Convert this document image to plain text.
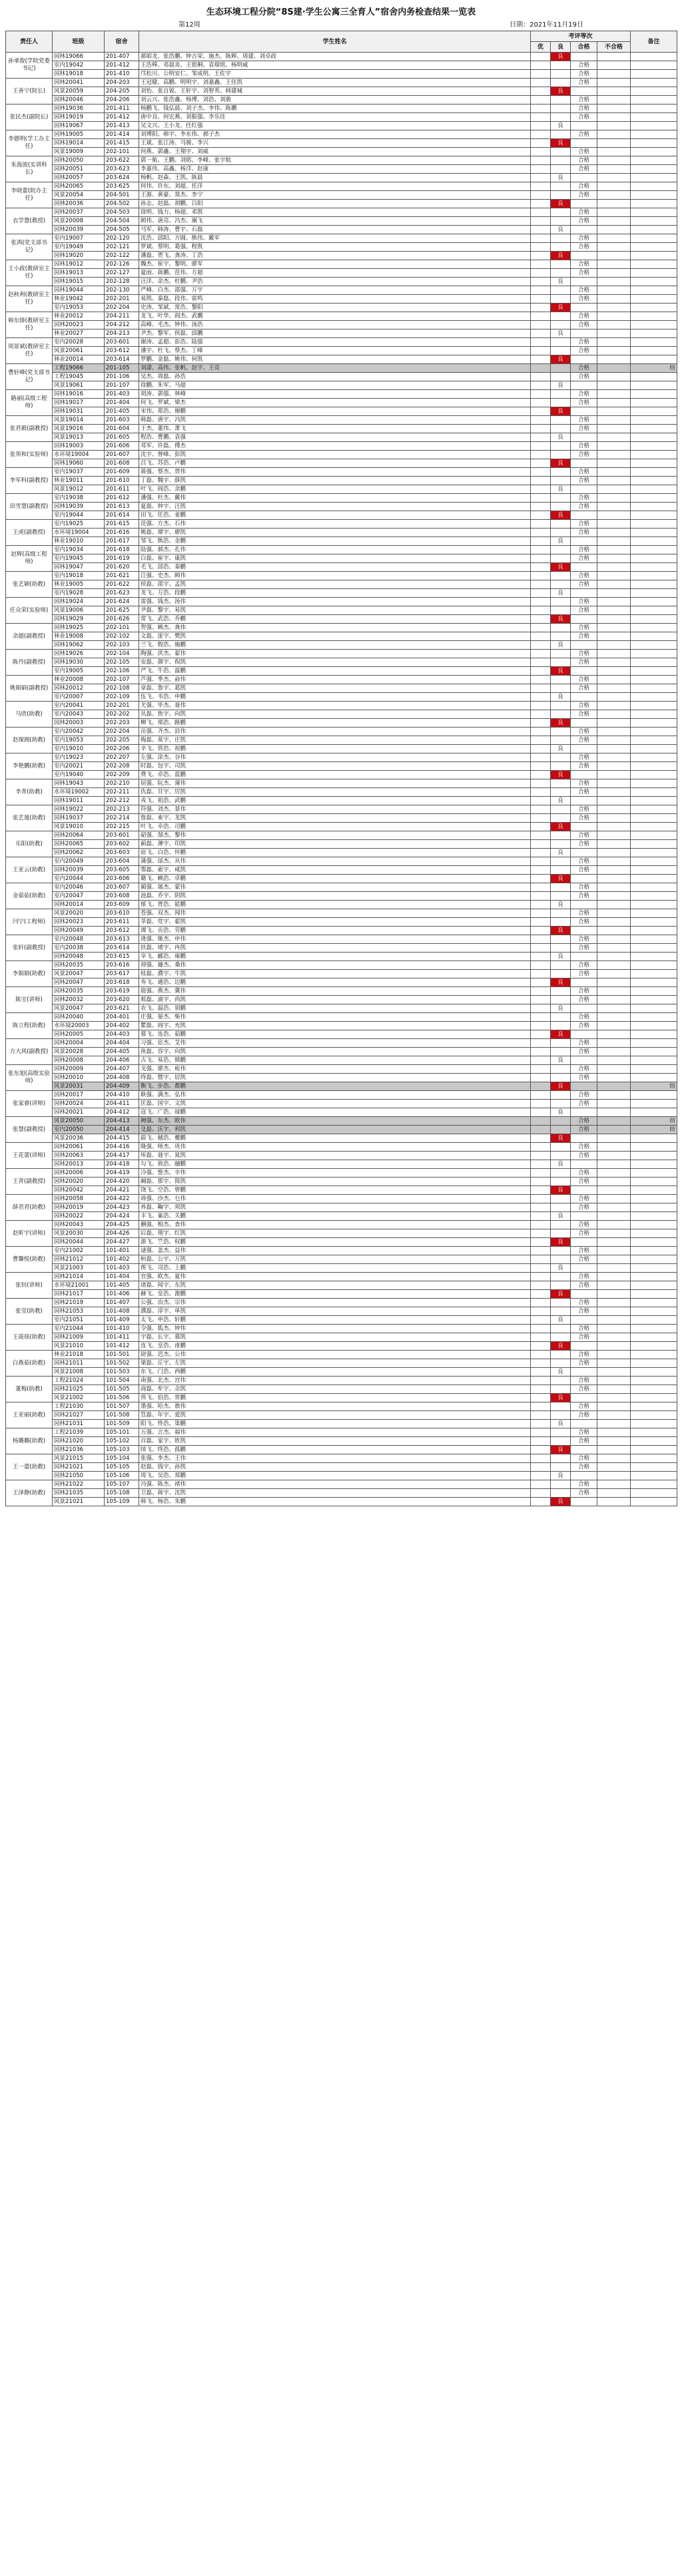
生态环境工程分院“8S建·学生公寓三全育人”宿舍内务检查结果一览表
第12周	日期：2021年11月19日
责任人	班级	宿舍	学生姓名	考评等次				备注
				优	良	合格	不合格	
孙承俊(学院党委书记)	园林19066	201-407	郝昭龙、张浩鹏、钟吉荣、施杰、陈辉、周建、刘卓政		良			
	室内19042	201-412	王浩棒、邓晨炎、王铭桐、袁瑞铭、杨明威			合格		
	园林19018	201-410	邝松川、公明安仁、邹成明、王佐宇			合格		
王善宁(院长)	园林20041	204-203	王冠健、高鹏、明明宇、刘嘉鑫、王佳凯			合格		
	风景20059	204-205	刘怡、张自锐、王轩宇、刘智英、韩建城		良			
	园林20046	204-206	刘云兴、张浩鑫、杨博、刘浩、刘骏			合格		
张民杰(副院长)	园林19036	201-411	杨鹏飞、钱弘晨、刘子杰、李伟、陈鹏			合格		
	园林19019	201-412	唐中良、何宏燕、刘振强、李乐佳			合格		
	园林19067	201-413	吴文兴、王小龙、任红强		良			
李德明(学工办主任)	园林19005	201-414	刘博阳、韩宇、李东伟、郝子杰			合格		
	园林19014	201-415	王斌、张江涛、马骏、李兴		良			
	风景19009	202-101	何燕、郭鑫、王翔宇、刘威			合格		
朱海波(实训科长)	园林20050	203-622	郭一航、王鹏、刘铭、李峰、张宇航			合格		
	园林20051	203-623	李嘉伟、高鑫、杨洋、赵康			合格		
	园林20057	203-624	杨帆、赵森、王凯、陈晨		良			
李晓蕾(院办主任)	园林20065	203-625	何伟、许东、刘超、任洋			合格		
	风景20054	204-501	王源、黄豪、郑杰、李宁			合格		
	园林20036	204-502	孙志、赵磊、胡鹏、吕阳		良			
衣学慧(教授)	园林20037	204-503	徐明、钱力、杨超、邓凯			合格		
	风景20008	204-504	顾伟、唐亮、冯杰、谢飞			合格		
	园林20039	204-505	马军、韩涛、曹宇、石磊		良			
张鸿(党支部书记)	室内19007	202-120	沈浩、邱阳、方圆、熊伟、戴军			合格		
	室内19049	202-121	罗斌、蔡明、葛强、程凯			合格		
	园林19020	202-122	潘磊、贺飞、龚涛、丁浩		良			
王小政(教研室主任)	园林19012	202-126	魏杰、崔宇、黎明、廖军			合格		
	园林19013	202-127	夏雨、蒋鹏、范伟、方超			合格		
	园林19015	202-128	汪洋、余杰、杜鹏、尹浩		良			
赵秋利(教研室主任)	园林19044	202-130	严峰、白杰、邵强、万宇			合格		
	林业19042	202-201	易凯、秦磊、段伟、雷鸣			合格		
	室内19053	202-204	史涛、邹斌、常浩、黎阳		良			
韩东锋(教研室主任)	林业20012	204-211	龙飞、叶华、阎杰、武鹏			合格		
	园林20023	204-212	高峰、毛杰、钟伟、汤浩			合格		
	林业20027	204-213	尹杰、黎军、侯磊、邱鹏		良			
周景斌(教研室主任)	室内20028	203-601	谢涛、孟超、彭浩、陆强			合格		
	风景20061	203-612	潘宇、杜飞、蔡杰、丁峰			合格		
	林业20014	203-614	罗鹏、金磊、姚伟、何凯		良			
曹轩峰(党支部书记)	工程19066	201-105	刘潇、高伟、张帆、赵宇、王亮			合格		纺
	工程19045	201-106	吴杰、周磊、孙浩			合格		
	风景19061	201-107	徐鹏、朱军、马超		良			
路丽(高级工程师)	园林19016	201-403	胡涛、郭强、林峰			合格		
	园林19017	201-404	何飞、罗斌、梁杰			合格		
	园林19031	201-405	宋伟、郑浩、谢鹏		良			
张君毅(副教授)	风景19014	201-603	韩磊、唐宇、冯凯			合格		
	风景19016	201-604	于杰、董伟、萧飞			合格		
	风景19013	201-605	程浩、曹鹏、袁强		良			
张须和(实验师)	园林19003	201-606	邓军、许磊、傅杰			合格		
	水环境19004	201-607	沈宇、曾峰、彭凯			合格		
	园林19060	201-608	吕飞、苏浩、卢鹏		良			
李军科(副教授)	室内19037	201-609	蒋强、蔡杰、贾伟			合格		
	林业19011	201-610	丁磊、魏宇、薛凯			合格		
	风景19012	201-611	叶飞、阎浩、余鹏		良			
田雪慧(副教授)	室内19038	201-612	潘强、杜杰、戴伟			合格		
	园林19039	201-613	夏磊、钟宇、汪凯			合格		
	室内19044	201-614	田飞、任浩、姜鹏		良			
王虎(副教授)	室内19025	201-615	范强、方杰、石伟			合格		
	水环境19004	201-616	姚磊、谭宇、廖凯			合格		
	林业19010	201-617	邹飞、熊浩、金鹏		良			
赵辉(高级工程师)	室内19034	201-618	陆强、郝杰、孔伟			合格		
	室内19045	201-619	白磊、崔宇、康凯			合格		
	园林19047	201-620	毛飞、邱浩、秦鹏		良			
张艺颖(助教)	室内19018	201-621	江强、史杰、顾伟			合格		
	林业19005	201-622	侯磊、邵宇、孟凯			合格		
	室内19028	201-623	龙飞、万浩、段鹏		良			
任众荣(实验师)	园林19024	201-624	雷强、钱杰、汤伟			合格		
	风景19006	201-625	尹磊、黎宇、易凯			合格		
	园林19029	201-626	常飞、武浩、乔鹏		良			
余超(副教授)	园林19025	202-101	贺强、赖杰、龚伟			合格		
	林业19008	202-102	文磊、庞宇、樊凯			合格		
	园林19062	202-103	兰飞、殷浩、施鹏		良			
陈丹(副教授)	园林19026	202-104	陶强、洪杰、翟伟			合格		
	园林19030	202-105	安磊、颜宇、倪凯			合格		
	室内19005	202-106	严飞、牛浩、温鹏		良			
姚娟娟(副教授)	林业20008	202-107	芦强、季杰、俞伟			合格		
	园林20012	202-108	章磊、鲁宇、葛凯			合格		
	室内20007	202-109	伍飞、韦浩、申鹏		良			
马欣(助教)	室内20041	202-201	尤强、毕杰、聂伟			合格		
	室内20043	202-202	丛磊、焦宇、向凯			合格		
	园林20003	202-203	柳飞、邢浩、路鹏		良			
赵琛阁(助教)	室内20042	202-204	岳强、齐杰、沿伟			合格		
	室内19053	202-205	梅磊、莫宇、庄凯			合格		
	室内19010	202-206	辛飞、管浩、祝鹏		良			
李艳鹏(助教)	室内19023	202-207	左强、涂杰、谷伟			合格		
	室内20021	202-208	时磊、包宇、司凯			合格		
	室内19040	202-209	费飞、卓浩、蓝鹏		良			
李青(助教)	园林19043	202-210	屈强、阮杰、蒲伟			合格		
	水环境19002	202-211	仇磊、甘宇、厉凯			合格		
	园林19011	202-212	戎飞、祖浩、武鹏		良			
张艺晟(助教)	园林19022	202-213	符强、刘杰、景伟			合格		
	园林19037	202-214	詹磊、束宇、龙凯			合格		
	风景19010	202-215	叶飞、幸浩、司鹏		良			
乐阳(助教)	园林20064	203-601	韶强、郜杰、黎伟			合格		
	园林20065	203-602	蓟磊、薄宇、印凯			合格		
	园林20062	203-603	宿飞、白浩、怀鹏		良			
王亚云(助教)	室内20049	203-604	蒲强、邰杰、从伟			合格		
	园林20039	203-605	鄂磊、索宇、咸凯			合格		
	室内20044	203-606	籍飞、赖浩、卓鹏		良			
金茹茹(助教)	室内20046	203-607	蔺强、屠杰、蒙伟			合格		
	室内20047	203-608	池磊、乔宇、阴凯			合格		
	园林20014	203-609	郁飞、胥浩、能鹏		良			
闫宁(工程师)	风景20020	203-610	苍强、双杰、闻伟			合格		
	园林20023	203-611	莘磊、党宇、翟凯			合格		
	园林20049	203-612	谭飞、贡浩、劳鹏		良			
张轩(副教授)	室内20048	203-613	逄强、姬杰、申伟			合格		
	室内20038	203-614	扶磊、堵宇、冉凯			合格		
	园林20048	203-615	宰飞、郦浩、雍鹏		良			
李娟娟(助教)	园林20035	203-616	却强、璩杰、桑伟			合格		
	风景20047	203-617	桂磊、濮宇、牛凯			合格		
	园林20047	203-618	寿飞、通浩、边鹏		良			
陈宝(讲师)	园林20035	203-619	扈强、燕杰、冀伟			合格		
	园林20032	203-620	郏磊、浦宇、尚凯			合格		
	风景20047	203-621	农飞、温浩、别鹏		良			
陈立程(助教)	园林20040	204-401	庄强、晏杰、柴伟			合格		
	水环境20003	204-402	瞿磊、阎宇、充凯			合格		
	园林20005	204-403	慕飞、连浩、茹鹏		良			
方大风(副教授)	园林20004	204-404	习强、宦杰、艾伟			合格		
	风景20028	204-405	鱼磊、容宇、向凯			合格		
	园林20008	204-406	古飞、易浩、慎鹏		良			
张东旭(高级实验师)	园林20009	204-407	戈强、廖杰、庾伟			合格		
	园林20010	204-408	终磊、暨宇、居凯			合格		
	风景20031	204-409	衡飞、步浩、都鹏		良			纺
张家睿(讲师)	园林20017	204-410	耿强、满杰、弘伟			合格		
	园林20024	204-411	匡磊、国宇、文凯			合格		
	园林20021	204-412	寇飞、广浩、禄鹏		良			
张慧(副教授)	风景20050	204-413	阙强、东杰、欧伟			合格		纺
	室内20050	204-414	殳磊、沃宇、利凯			合格		纺
	风景20036	204-415	蔚飞、越浩、夔鹏		良			
王花蕾(讲师)	园林20061	204-416	隆强、师杰、巩伟			合格		
	园林20063	204-417	厍磊、聂宇、晁凯			合格		
	园林20013	204-418	勾飞、敖浩、融鹏		良			
王青(副教授)	园林20006	204-419	冷强、訾杰、辛伟			合格		
	园林20020	204-420	阚磊、那宇、简凯			合格		
	园林20042	204-421	饶飞、空浩、曾鹏		良			
薛君君(助教)	园林20058	204-422	毋强、沙杰、乜伟			合格		
	园林20019	204-423	养磊、鞠宇、须凯			合格		
	园林20022	204-424	丰飞、巢浩、关鹏		良			
赵昕宇(讲师)	园林20043	204-425	蒯强、相杰、查伟			合格		
	风景20030	204-426	后磊、荆宇、红凯			合格		
	园林20044	204-427	游飞、竺浩、权鹏		良			
曹馨悦(助教)	室内21002	101-401	逯强、盖杰、益伟			合格		
	园林21012	101-402	桓磊、公宇、万凯			合格		
	风景21003	101-403	俟飞、司浩、上鹏		良			
张钊(讲师)	园林21014	101-404	官强、欧杰、夏伟			合格		
	水环境21001	101-405	诸磊、闻宇、东凯			合格		
	园林21017	101-406	赫飞、皇浩、澹鹏		良			
张莹(助教)	园林21019	101-407	公强、冶杰、宗伟			合格		
	园林21053	101-408	濮磊、淳宇、单凯			合格		
	室内21051	101-409	太飞、申浩、轩鹏		良			
王瑶瑶(助教)	室内21044	101-410	令强、狐杰、钟伟			合格		
	园林21009	101-411	宇磊、长宇、慕凯			合格		
	风景21010	101-412	连飞、皇浩、甫鹏		良			
白燕茹(助教)	林业21018	101-501	尉强、迟杰、公伟			合格		
	园林21011	101-502	梁磊、丘宇、左凯			合格		
	风景21008	101-503	东飞、门浩、西鹏		良			
董梅(助教)	工程21024	101-504	南强、北杰、宫伟			合格		
	园林21025	101-505	商磊、牟宇、佘凯			合格		
	风景21002	101-506	佴飞、伯浩、赏鹏		良			
王亚丽(助教)	工程21030	101-507	墨强、哈杰、谯伟			合格		
	园林21027	101-508	笪磊、年宇、爱凯			合格		
	园林21031	101-509	阳飞、佟浩、第鹏		良			
杨璐璐(助教)	工程21039	105-101	五强、言杰、福伟			合格		
	园林21020	105-102	百磊、家宇、姓凯			合格		
	园林21036	105-103	续飞、终浩、孤鹏		良			
王一蕾(助教)	风景21015	105-104	张强、李杰、王伟			合格		
	园林21021	105-105	赵磊、钱宇、孙凯			合格		
	园林21050	105-106	周飞、吴浩、郑鹏		良			
王泽静(助教)	园林21022	105-107	冯强、陈杰、褚伟			合格		
	园林21035	105-108	卫磊、蒋宇、沈凯			合格		
	风景21021	105-109	韩飞、杨浩、朱鹏		良			
